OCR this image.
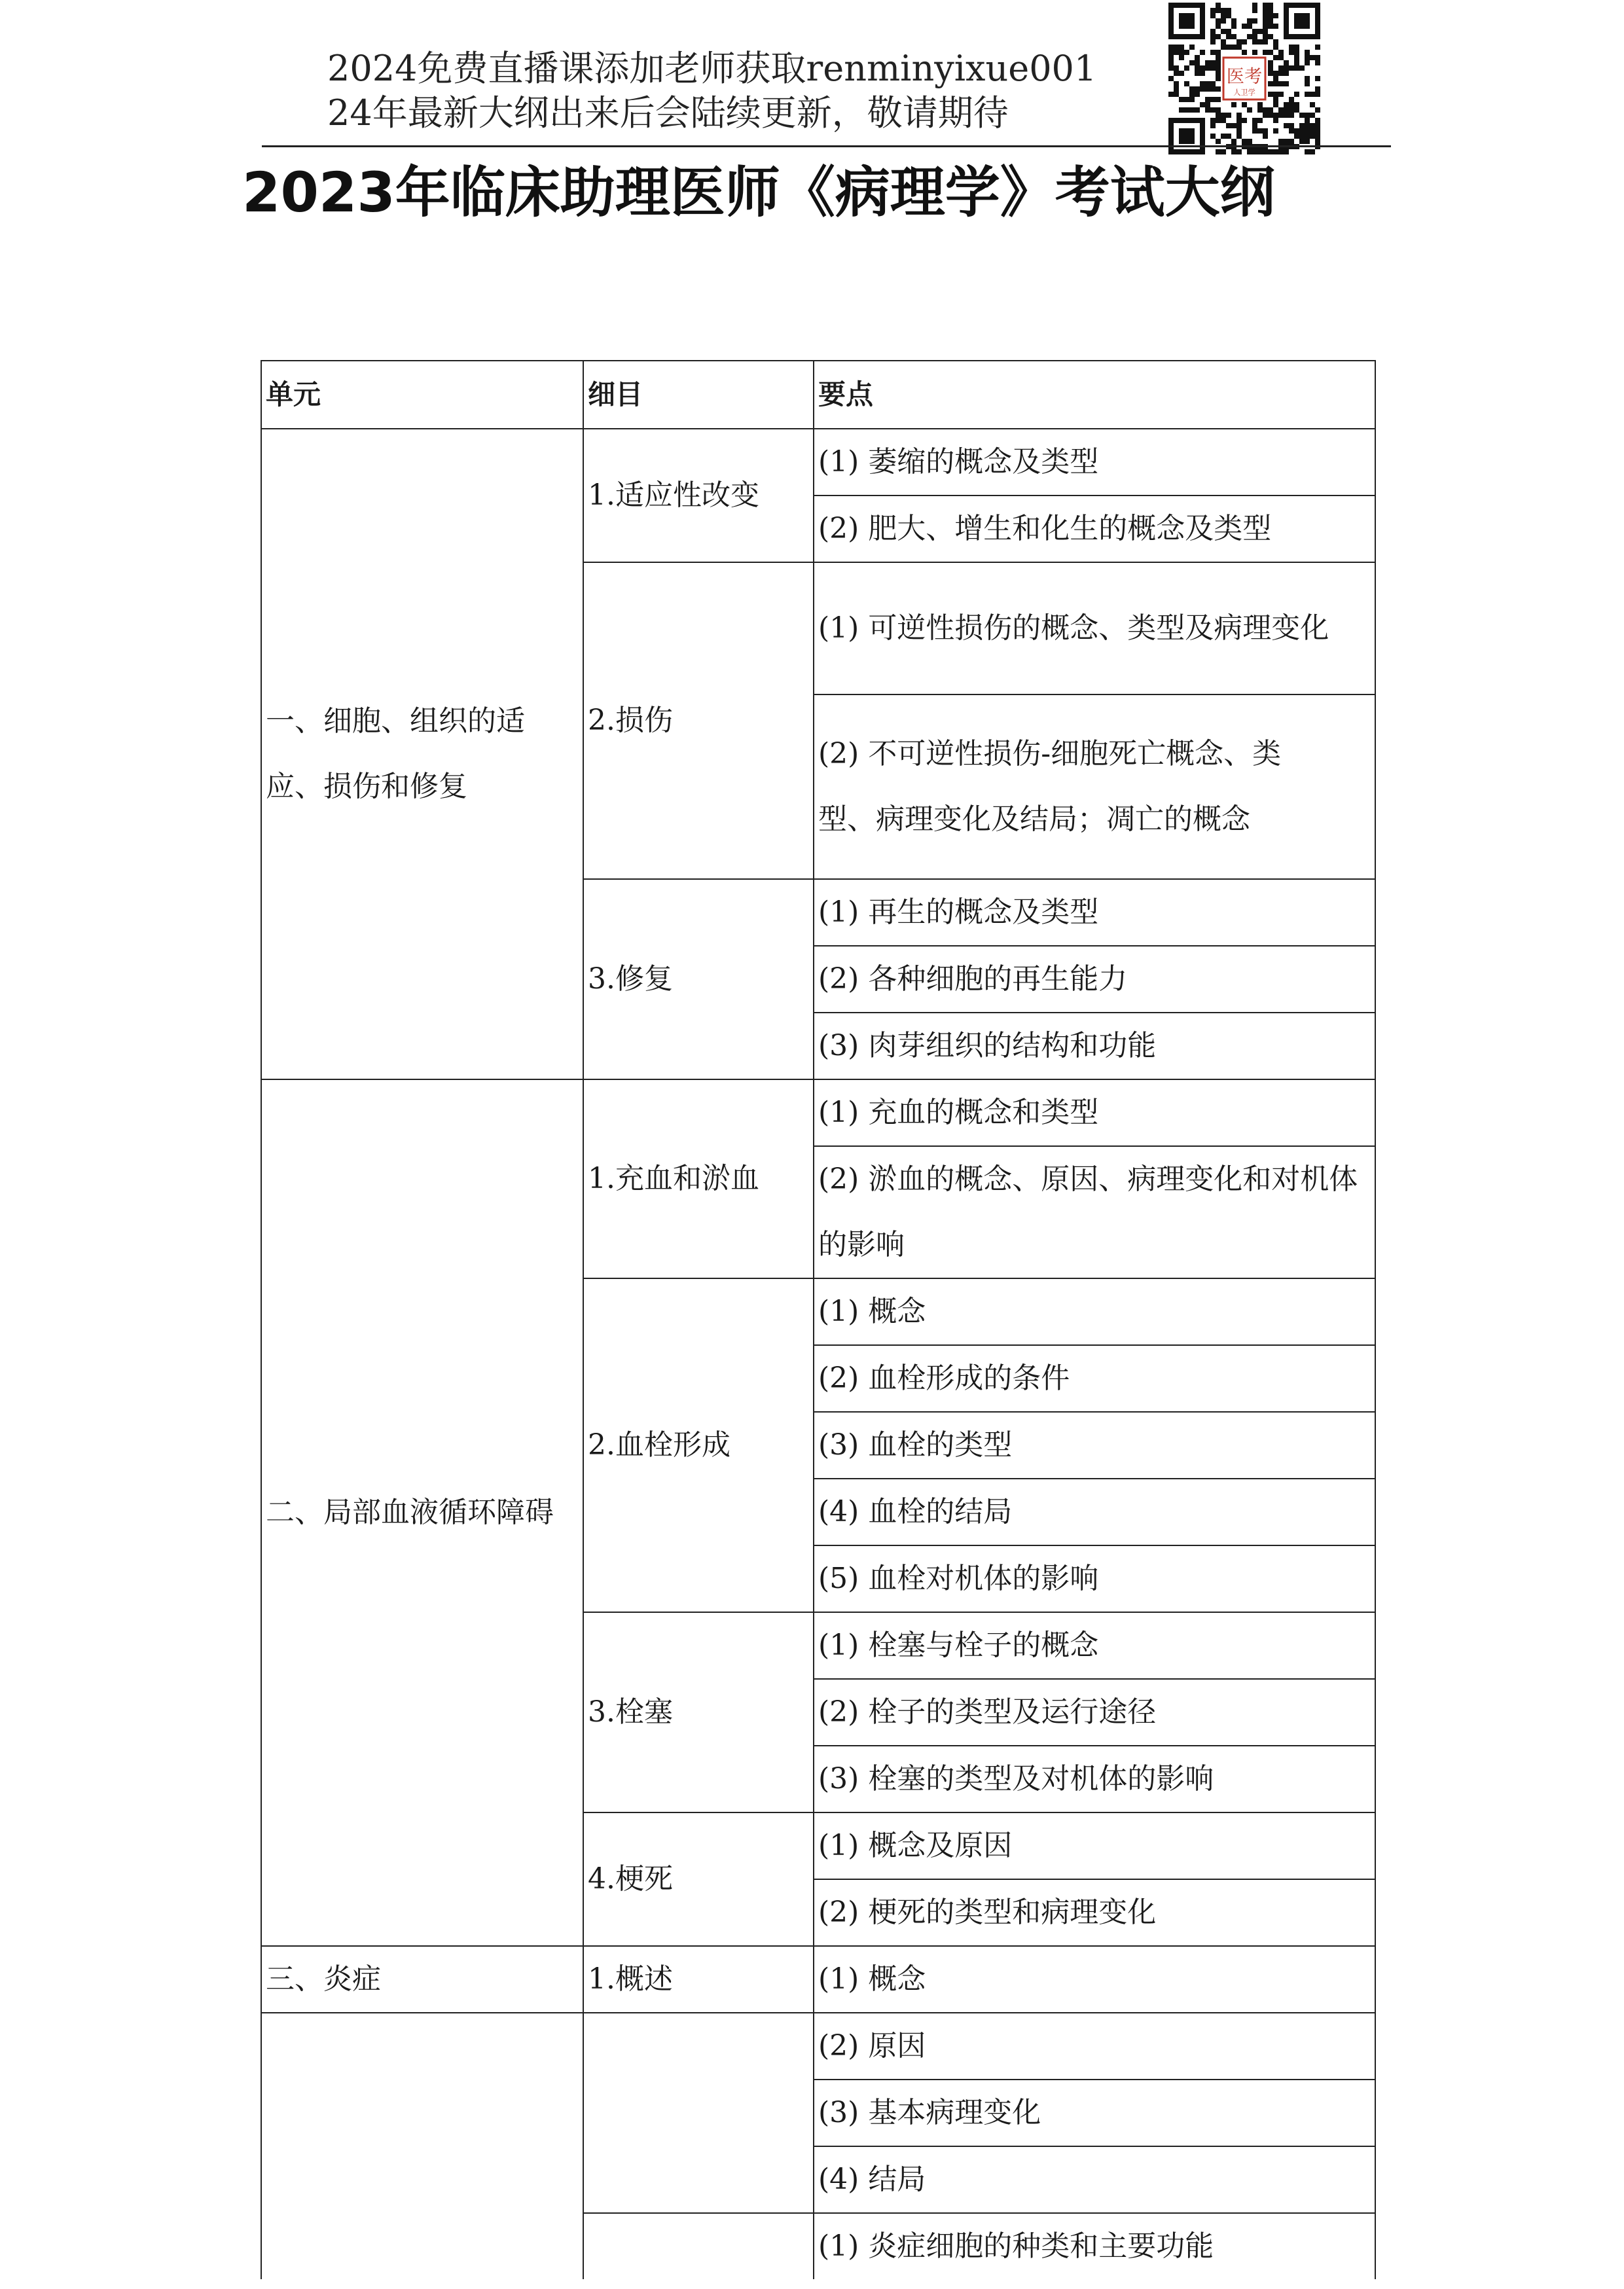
2024免费直播课添加老师获取renminyixue001
24年最新大纲出来后会陆续更新，敬请期待
医考
人卫学
2023年临床助理医师《病理学》考试大纲
单元	细目	要点
一、细胞、组织的适应、损伤和修复	1.适应性改变	(1) 萎缩的概念及类型
		(2) 肥大、增生和化生的概念及类型
	2.损伤	(1) 可逆性损伤的概念、类型及病理变化

		(2) 不可逆性损伤-细胞死亡概念、类
型、病理变化及结局；凋亡的概念

	3.修复	(1) 再生的概念及类型
		(2) 各种细胞的再生能力
		(3) 肉芽组织的结构和功能
二、局部血液循环障碍	1.充血和淤血	(1) 充血的概念和类型
		(2) 淤血的概念、原因、病理变化和对机体的影响
	2.血栓形成	(1) 概念
		(2) 血栓形成的条件
		(3) 血栓的类型
		(4) 血栓的结局
		(5) 血栓对机体的影响
	3.栓塞	(1) 栓塞与栓子的概念
		(2) 栓子的类型及运行途径
		(3) 栓塞的类型及对机体的影响
	4.梗死	(1) 概念及原因
		(2) 梗死的类型和病理变化
三、炎症	1.概述	(1) 概念
		(2) 原因
		(3) 基本病理变化
		(4) 结局
		(1) 炎症细胞的种类和主要功能
